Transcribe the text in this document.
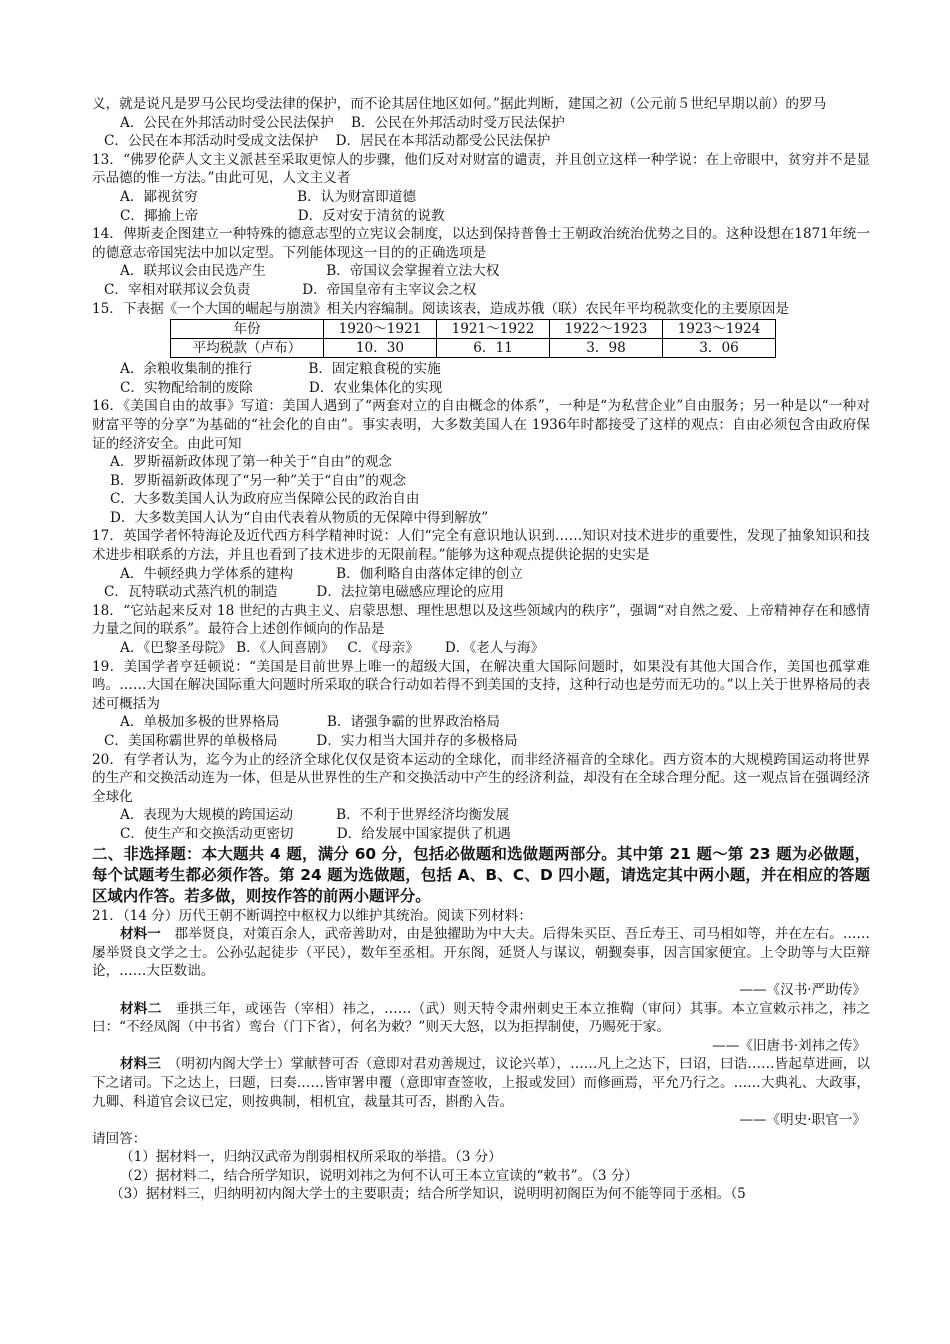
义，就是说凡是罗马公民均受法律的保护，而不论其居住地区如何。”据此判断，建国之初（公元前５世纪早期以前）的罗马

A．公民在外邦活动时受公民法保护    B．公民在外邦活动时受万民法保护

C．公民在本邦活动时受成文法保护    D．居民在本邦活动都受公民法保护

13．“佛罗伦萨人文主义派甚至采取更惊人的步骤，他们反对对财富的谴责，并且创立这样一种学说：在上帝眼中，贫穷并不是显示品德的惟一方法。”由此可见，人文主义者

A．鄙视贫穷                       B．认为财富即道德

C．揶揄上帝                       D．反对安于清贫的说教

14．俾斯麦企图建立一种特殊的德意志型的立宪议会制度，以达到保持普鲁士王朝政治统治优势之目的。这种设想在1871年统一的德意志帝国宪法中加以定型。下列能体现这一目的的正确选项是

A．联邦议会由民选产生              B．帝国议会掌握着立法大权

C．宰相对联邦议会负责            D．帝国皇帝有主宰议会之权

15．下表据《一个大国的崛起与崩溃》相关内容编制。阅读该表，造成苏俄（联）农民年平均税款变化的主要原因是

年份	1920～1921	1921～1922	1922～1923	1923～1924
平均税款（卢布）	10．30	6．11	3．98	3．06

A．余粮收集制的推行             B．固定粮食税的实施

C．实物配给制的废除             D．农业集体化的实现

16．《美国自由的故事》写道：美国人遇到了“两套对立的自由概念的体系”，一种是“为私营企业”自由服务；另一种是以“一种对财富平等的分享”为基础的“社会化的自由”。事实表明，大多数美国人在 1936年时都接受了这样的观点：自由必须包含由政府保证的经济安全。由此可知

A．罗斯福新政体现了第一种关于“自由”的观念

B．罗斯福新政体现了“另一种”关于“自由”的观念

C．大多数美国人认为政府应当保障公民的政治自由

D．大多数美国人认为“自由代表着从物质的无保障中得到解放”

17．英国学者怀特海论及近代西方科学精神时说：人们“完全有意识地认识到……知识对技术进步的重要性，发现了抽象知识和技术进步相联系的方法，并且也看到了技术进步的无限前程。”能够为这种观点提供论据的史实是

A．牛顿经典力学体系的建构          B．伽利略自由落体定律的创立

C．瓦特联动式蒸汽机的制造         D．法拉第电磁感应理论的应用

18．“它站起来反对 18 世纪的古典主义、启蒙思想、理性思想以及这些领域内的秩序”，强调“对自然之爱、上帝精神存在和感情力量之间的联系”。最符合上述创作倾向的作品是

A．《巴黎圣母院》 B．《人间喜剧》   C．《母亲》      D．《老人与海》

19．美国学者亨廷顿说：“美国是目前世界上唯一的超级大国，在解决重大国际问题时，如果没有其他大国合作，美国也孤掌难鸣。……大国在解决国际重大问题时所采取的联合行动如若得不到美国的支持，这种行动也是劳而无功的。”以上关于世界格局的表述可概括为

A．单极加多极的世界格局           B．诸强争霸的世界政治格局

C．美国称霸世界的单极格局         D．实力相当大国并存的多极格局

20．有学者认为，迄今为止的经济全球化仅仅是资本运动的全球化，而非经济福音的全球化。西方资本的大规模跨国运动将世界的生产和交换活动连为一体，但是从世界性的生产和交换活动中产生的经济利益，却没有在全球合理分配。这一观点旨在强调经济全球化

A．表现为大规模的跨国运动          B．不利于世界经济均衡发展

C．使生产和交换活动更密切          D．给发展中国家提供了机遇

二、非选择题：本大题共 4 题，满分 60 分，包括必做题和选做题两部分。其中第 21 题～第 23 题为必做题，每个试题考生都必须作答。第 24 题为选做题，包括 A、B、C、D 四小题，请选定其中两小题，并在相应的答题区域内作答。若多做，则按作答的前两小题评分。

21．（14 分）历代王朝不断调控中枢权力以维护其统治。阅读下列材料：

材料一　郡举贤良，对策百余人，武帝善助对，由是独擢助为中大夫。后得朱买臣、吾丘寿王、司马相如等，并在左右。……屡举贤良文学之士。公孙弘起徒步（平民），数年至丞相。开东阁，延贤人与谋议，朝觐奏事，因言国家便宜。上令助等与大臣辩论，……大臣数诎。

——《汉书·严助传》

材料二　垂拱三年，或诬告（宰相）祎之，……（武）则天特令肃州刺史王本立推鞫（审问）其事。本立宣敕示祎之，祎之曰：“不经凤阁（中书省）鸾台（门下省），何名为敕？”则天大怒，以为拒捍制使，乃赐死于家。

——《旧唐书·刘祎之传》

材料三　（明初内阁大学士）掌献替可否（意即对君劝善规过，议论兴革），……凡上之达下，曰诏，曰诰……皆起草进画，以下之诸司。下之达上，曰题，曰奏……皆审署申覆（意即审查签收，上报或发回）而修画焉，平允乃行之。……大典礼、大政事，九卿、科道官会议已定，则按典制，相机宜，裁量其可否，斟酌入告。

——《明史·职官一》

请回答：

（1）据材料一，归纳汉武帝为削弱相权所采取的举措。（3 分）

（2）据材料二，结合所学知识，说明刘祎之为何不认可王本立宣读的“敕书”。（3 分）

（3）据材料三，归纳明初内阁大学士的主要职责；结合所学知识，说明明初阁臣为何不能等同于丞相。（5
